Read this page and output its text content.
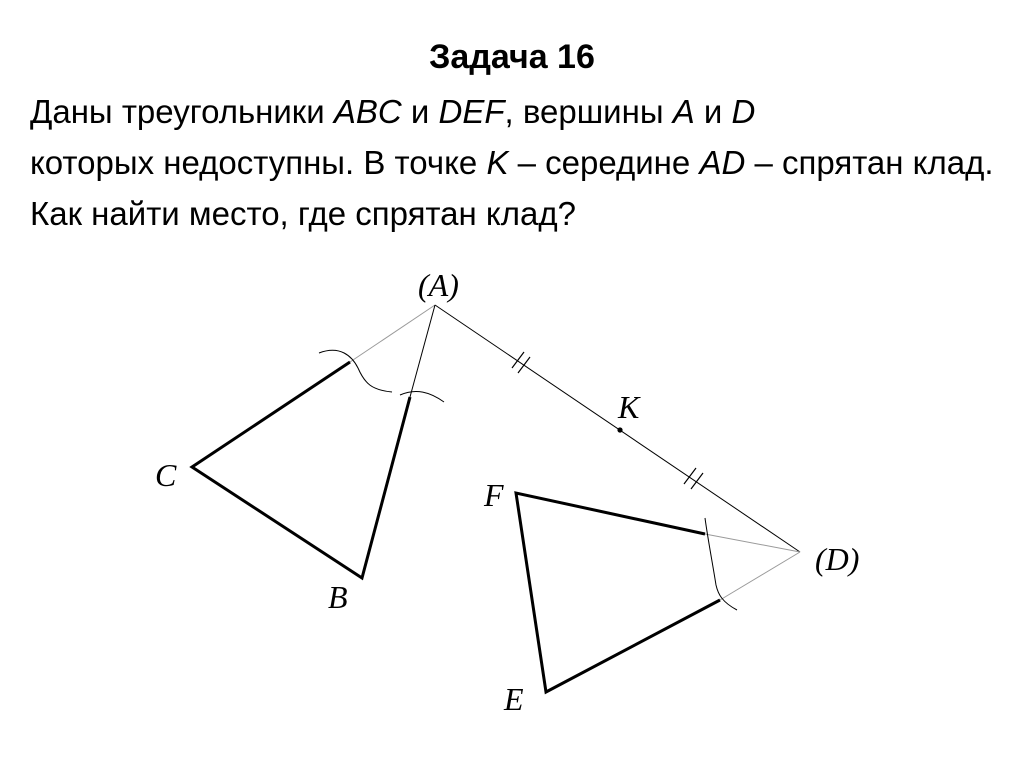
Задача 16

Даны треугольники ABC и DEF, вершины A и D
которых недоступны. В точке K – середине AD – спрятан клад. Как найти место, где спрятан клад?

(A)
K
C
F
(D)
B
E
